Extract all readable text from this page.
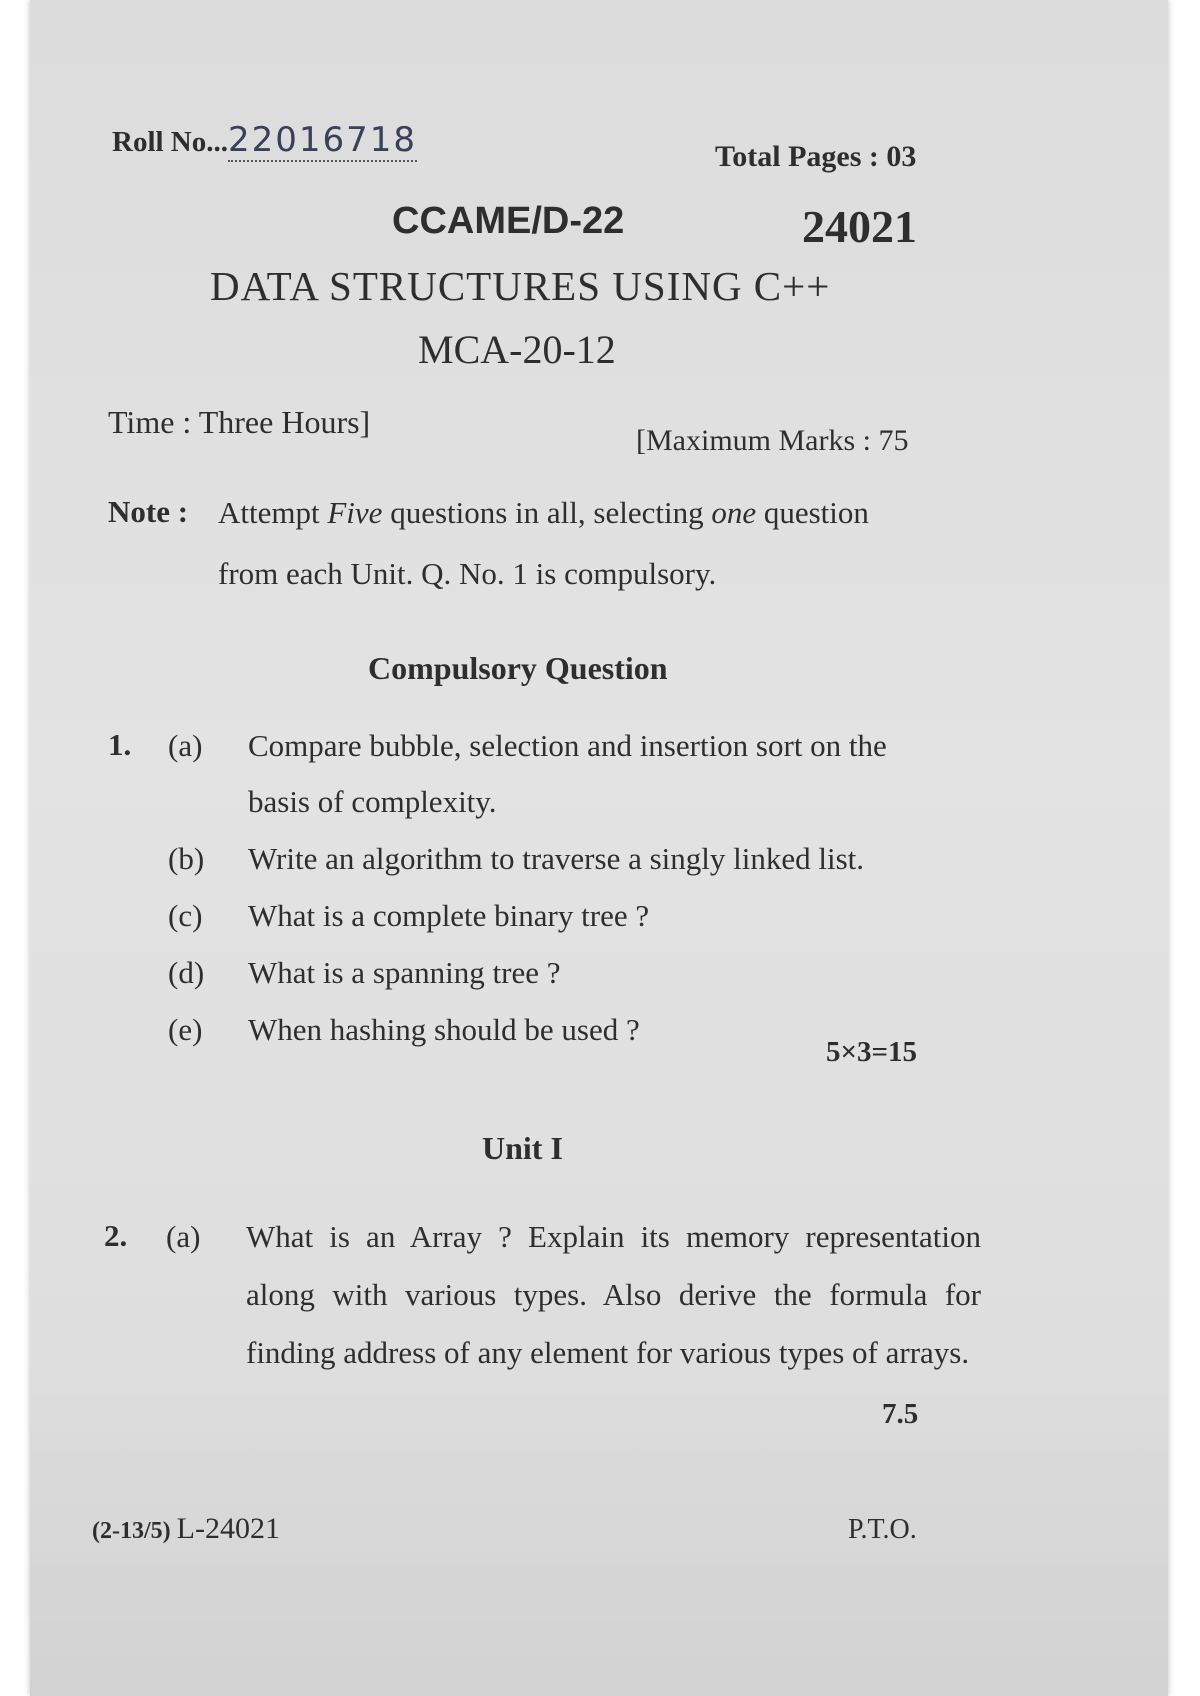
Roll No...22016718	Total Pages : 03
CCAME/D-22	24021
DATA STRUCTURES USING C++
MCA-20-12
Time : Three Hours]
[Maximum Marks : 75
Note : Attempt Five questions in all, selecting one question
from each Unit. Q. No. 1 is compulsory.
Compulsory Question
1. (a) Compare bubble, selection and insertion sort on the
basis of complexity.
(b) Write an algorithm to traverse a singly linked list.
(c) What is a complete binary tree ?
(d) What is a spanning tree ?
(e) When hashing should be used ?
5×3=15
Unit I
2. (a) What is an Array ? Explain its memory representation along with various types. Also derive the formula for finding address of any element for various types of arrays.
7.5
(2-13/5) L-24021	P.T.O.
